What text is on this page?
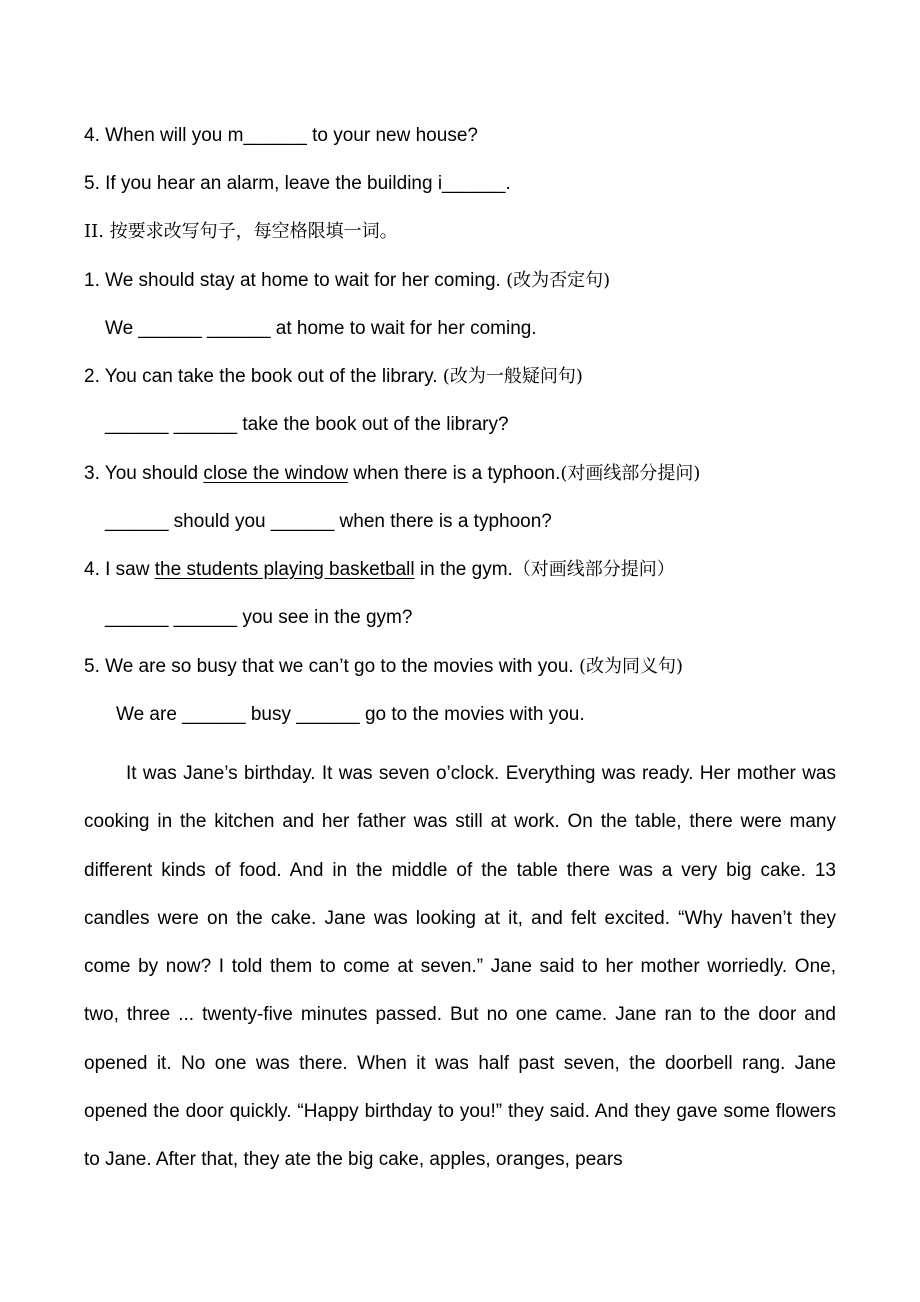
4. When will you m______ to your new house?
5. If you hear an alarm, leave the building i______.
II. 按要求改写句子，每空格限填一词。
1. We should stay at home to wait for her coming. (改为否定句)
We ______ ______ at home to wait for her coming.
2. You can take the book out of the library. (改为一般疑问句)
______ ______ take the book out of the library?
3. You should close the window when there is a typhoon.(对画线部分提问)
______ should you ______ when there is a typhoon?
4. I saw the students playing basketball in the gym.（对画线部分提问）
______ ______ you see in the gym?
5. We are so busy that we can’t go to the movies with you. (改为同义句)
We are ______ busy ______ go to the movies with you.
It was Jane’s birthday. It was seven o’clock. Everything was ready. Her mother was cooking in the kitchen and her father was still at work. On the table, there were many different kinds of food. And in the middle of the table there was a very big cake. 13 candles were on the cake. Jane was looking at it, and felt excited. “Why haven’t they come by now? I told them to come at seven.” Jane said to her mother worriedly. One, two, three ... twenty-five minutes passed. But no one came. Jane ran to the door and opened it. No one was there. When it was half past seven, the doorbell rang. Jane opened the door quickly. “Happy birthday to you!” they said. And they gave some flowers to Jane. After that, they ate the big cake, apples, oranges, pears
